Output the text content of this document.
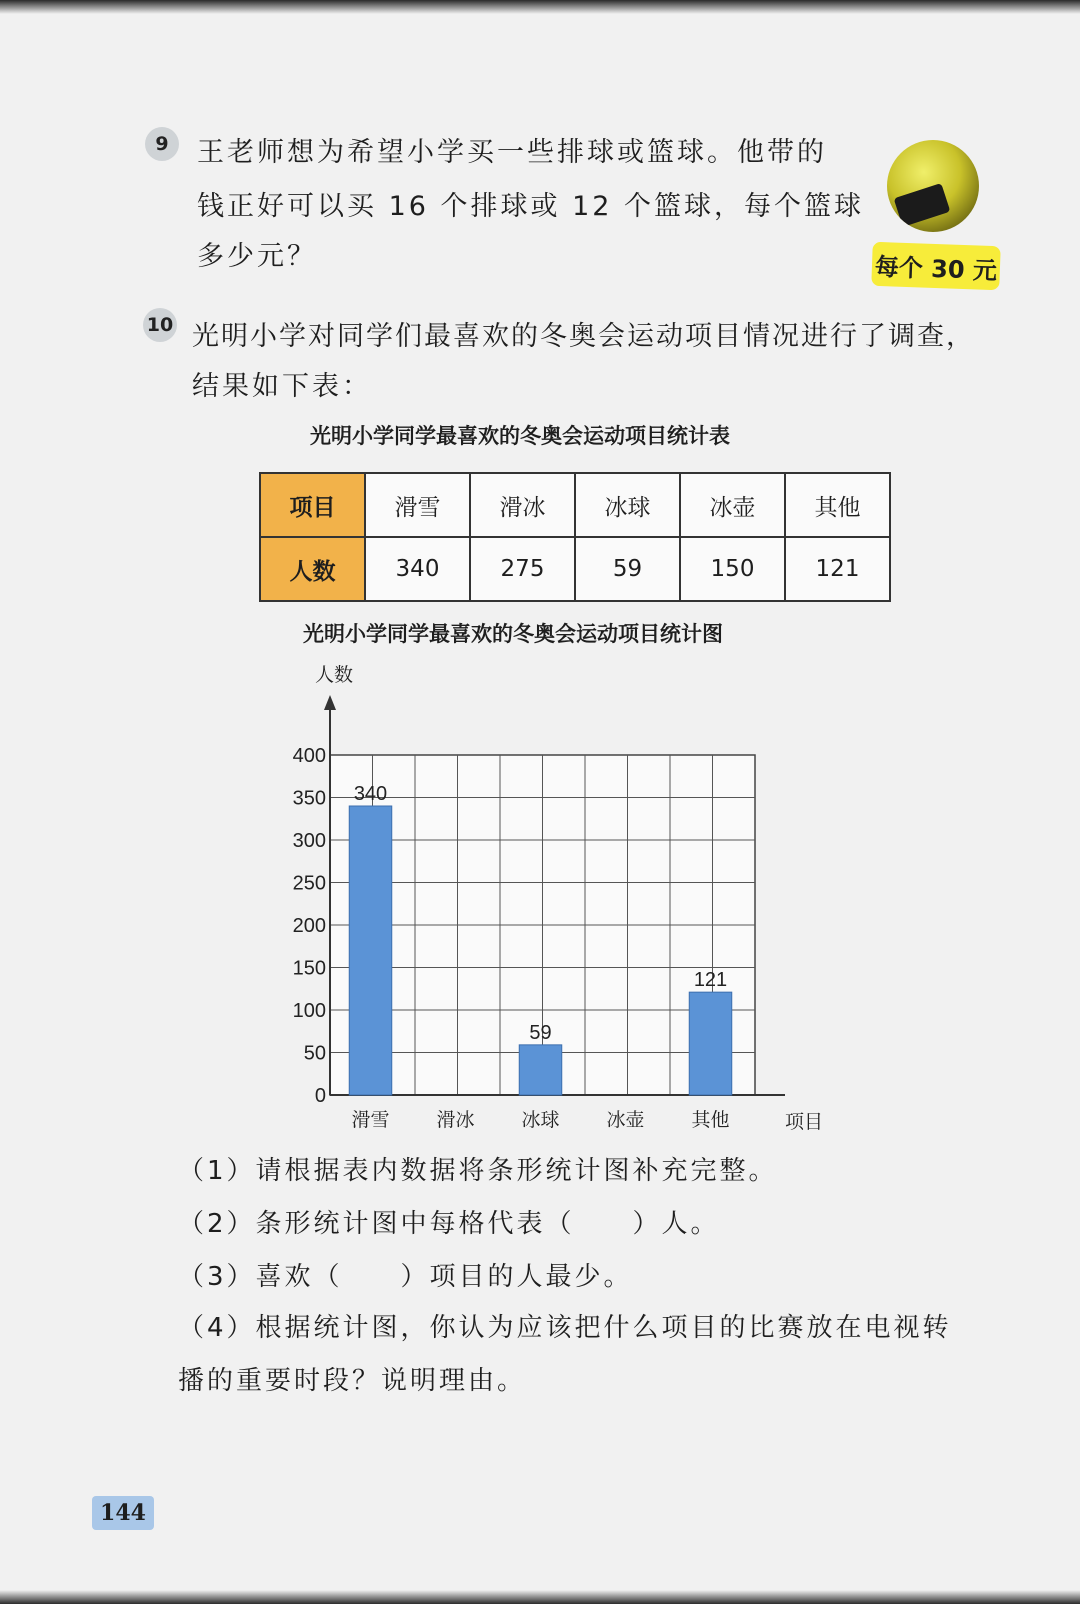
9	王老师想为希望小学买一些排球或篮球。他带的
钱正好可以买 16 个排球或 12 个篮球，每个篮球
多少元？	每个 30 元
10 光明小学对同学们最喜欢的冬奥会运动项目情况进行了调查，
结果如下表：
光明小学同学最喜欢的冬奥会运动项目统计表
项目	滑雪	滑冰	冰球	冰壶	其他
人数	340	275	59	150	121
光明小学同学最喜欢的冬奥会运动项目统计图
0
50
100
150
200
250
300
350
400
人数
项目
340
滑雪 滑冰
59
冰球 冰壶
121
其他
（1）请根据表内数据将条形统计图补充完整。
（2）条形统计图中每格代表（　　）人。
（3）喜欢（　　）项目的人最少。
（4）根据统计图，你认为应该把什么项目的比赛放在电视转
播的重要时段？说明理由。
144
